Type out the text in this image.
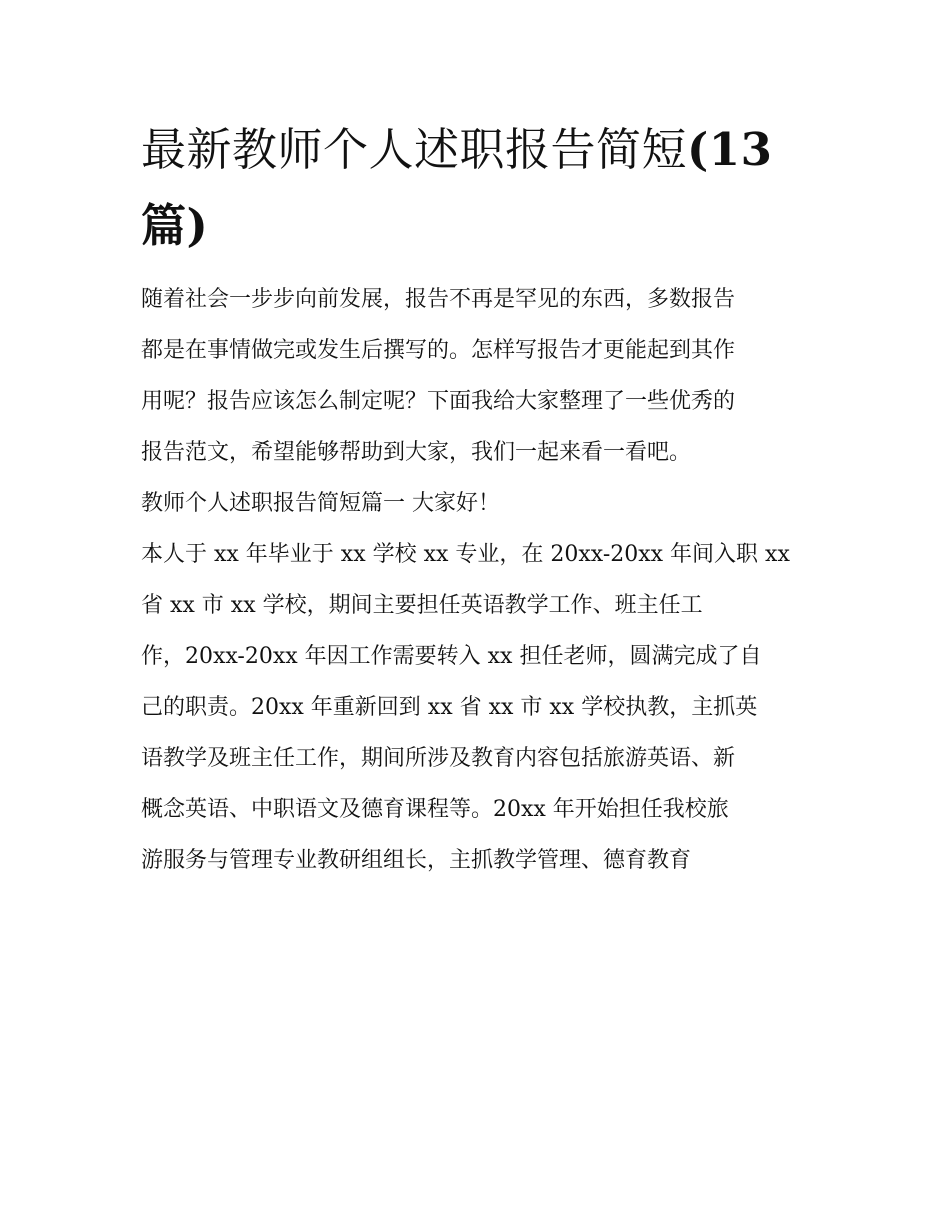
最新教师个人述职报告简短(13
篇)

随着社会一步步向前发展，报告不再是罕见的东西，多数报告
都是在事情做完或发生后撰写的。怎样写报告才更能起到其作
用呢？报告应该怎么制定呢？下面我给大家整理了一些优秀的
报告范文，希望能够帮助到大家，我们一起来看一看吧。

教师个人述职报告简短篇一 大家好！

本人于 xx 年毕业于 xx 学校 xx 专业，在 20xx-20xx 年间入职 xx
省 xx 市 xx 学校，期间主要担任英语教学工作、班主任工
作，20xx-20xx 年因工作需要转入 xx 担任老师，圆满完成了自
己的职责。20xx 年重新回到 xx 省 xx 市 xx 学校执教，主抓英
语教学及班主任工作，期间所涉及教育内容包括旅游英语、新
概念英语、中职语文及德育课程等。20xx 年开始担任我校旅
游服务与管理专业教研组组长，主抓教学管理、德育教育
